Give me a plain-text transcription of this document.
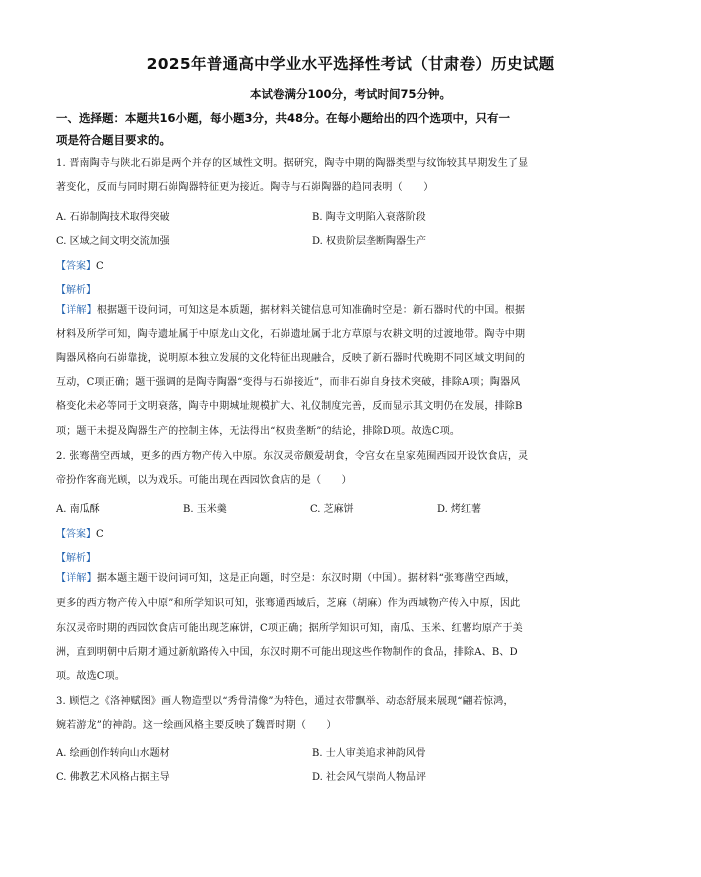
2025年普通高中学业水平选择性考试（甘肃卷）历史试题
本试卷满分100分，考试时间75分钟。
一、选择题：本题共16小题，每小题3分，共48分。在每小题给出的四个选项中，只有一
项是符合题目要求的。
1. 晋南陶寺与陕北石峁是两个并存的区域性文明。据研究，陶寺中期的陶器类型与纹饰较其早期发生了显
著变化，反而与同时期石峁陶器特征更为接近。陶寺与石峁陶器的趋同表明（　　）
A. 石峁制陶技术取得突破	B. 陶寺文明陷入衰落阶段
C. 区域之间文明交流加强	D. 权贵阶层垄断陶器生产
【答案】C
【解析】
【详解】根据题干设问词，可知这是本质题，据材料关键信息可知准确时空是：新石器时代的中国。根据
材料及所学可知，陶寺遗址属于中原龙山文化，石峁遗址属于北方草原与农耕文明的过渡地带。陶寺中期
陶器风格向石峁靠拢，说明原本独立发展的文化特征出现融合，反映了新石器时代晚期不同区域文明间的
互动，C项正确；题干强调的是陶寺陶器“变得与石峁接近”，而非石峁自身技术突破，排除A项；陶器风
格变化未必等同于文明衰落，陶寺中期城址规模扩大、礼仪制度完善，反而显示其文明仍在发展，排除B
项；题干未提及陶器生产的控制主体，无法得出“权贵垄断”的结论，排除D项。故选C项。
2. 张骞凿空西域，更多的西方物产传入中原。东汉灵帝颇爱胡食，令宫女在皇家苑囿西园开设饮食店，灵
帝扮作客商光顾，以为戏乐。可能出现在西园饮食店的是（　　）
A. 南瓜酥	B. 玉米羹	C. 芝麻饼	D. 烤红薯
【答案】C
【解析】
【详解】据本题主题干设问词可知，这是正向题，时空是：东汉时期（中国）。据材料“张骞凿空西域，
更多的西方物产传入中原”和所学知识可知，张骞通西域后，芝麻（胡麻）作为西域物产传入中原，因此
东汉灵帝时期的西园饮食店可能出现芝麻饼，C项正确；据所学知识可知，南瓜、玉米、红薯均原产于美
洲，直到明朝中后期才通过新航路传入中国，东汉时期不可能出现这些作物制作的食品，排除A、B、D
项。故选C项。
3. 顾恺之《洛神赋图》画人物造型以“秀骨清像”为特色，通过衣带飘举、动态舒展来展现“翩若惊鸿，
婉若游龙”的神韵。这一绘画风格主要反映了魏晋时期（　　）
A. 绘画创作转向山水题材	B. 士人审美追求神韵风骨
C. 佛教艺术风格占据主导	D. 社会风气崇尚人物品评
